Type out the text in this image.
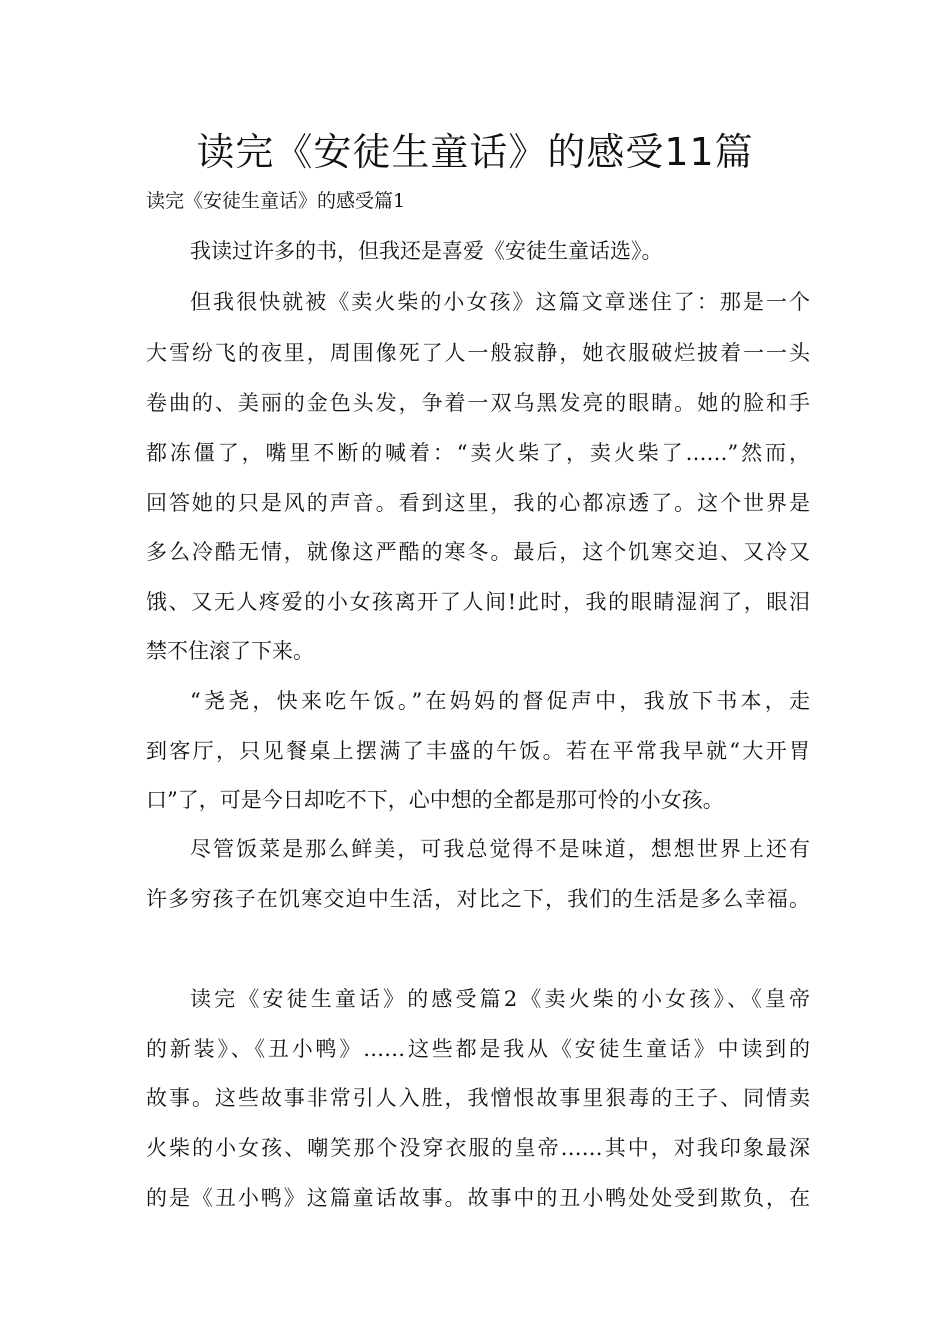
读完《安徒生童话》的感受11篇

读完《安徒生童话》的感受篇1

我读过许多的书，但我还是喜爱《安徒生童话选》。

但我很快就被《卖火柴的小女孩》这篇文章迷住了：那是一个

大雪纷飞的夜里，周围像死了人一般寂静，她衣服破烂披着一一头

卷曲的、美丽的金色头发，争着一双乌黑发亮的眼睛。她的脸和手

都冻僵了，嘴里不断的喊着：“卖火柴了，卖火柴了……”然而，

回答她的只是风的声音。看到这里，我的心都凉透了。这个世界是

多么冷酷无情，就像这严酷的寒冬。最后，这个饥寒交迫、又冷又

饿、又无人疼爱的小女孩离开了人间!此时，我的眼睛湿润了，眼泪

禁不住滚了下来。

“尧尧，快来吃午饭。”在妈妈的督促声中，我放下书本，走

到客厅，只见餐桌上摆满了丰盛的午饭。若在平常我早就“大开胃

口”了，可是今日却吃不下，心中想的全都是那可怜的小女孩。

尽管饭菜是那么鲜美，可我总觉得不是味道，想想世界上还有

许多穷孩子在饥寒交迫中生活，对比之下，我们的生活是多么幸福。

读完《安徒生童话》的感受篇2《卖火柴的小女孩》、《皇帝

的新装》、《丑小鸭》……这些都是我从《安徒生童话》中读到的

故事。这些故事非常引人入胜，我憎恨故事里狠毒的王子、同情卖

火柴的小女孩、嘲笑那个没穿衣服的皇帝……其中，对我印象最深

的是《丑小鸭》这篇童话故事。故事中的丑小鸭处处受到欺负，在
